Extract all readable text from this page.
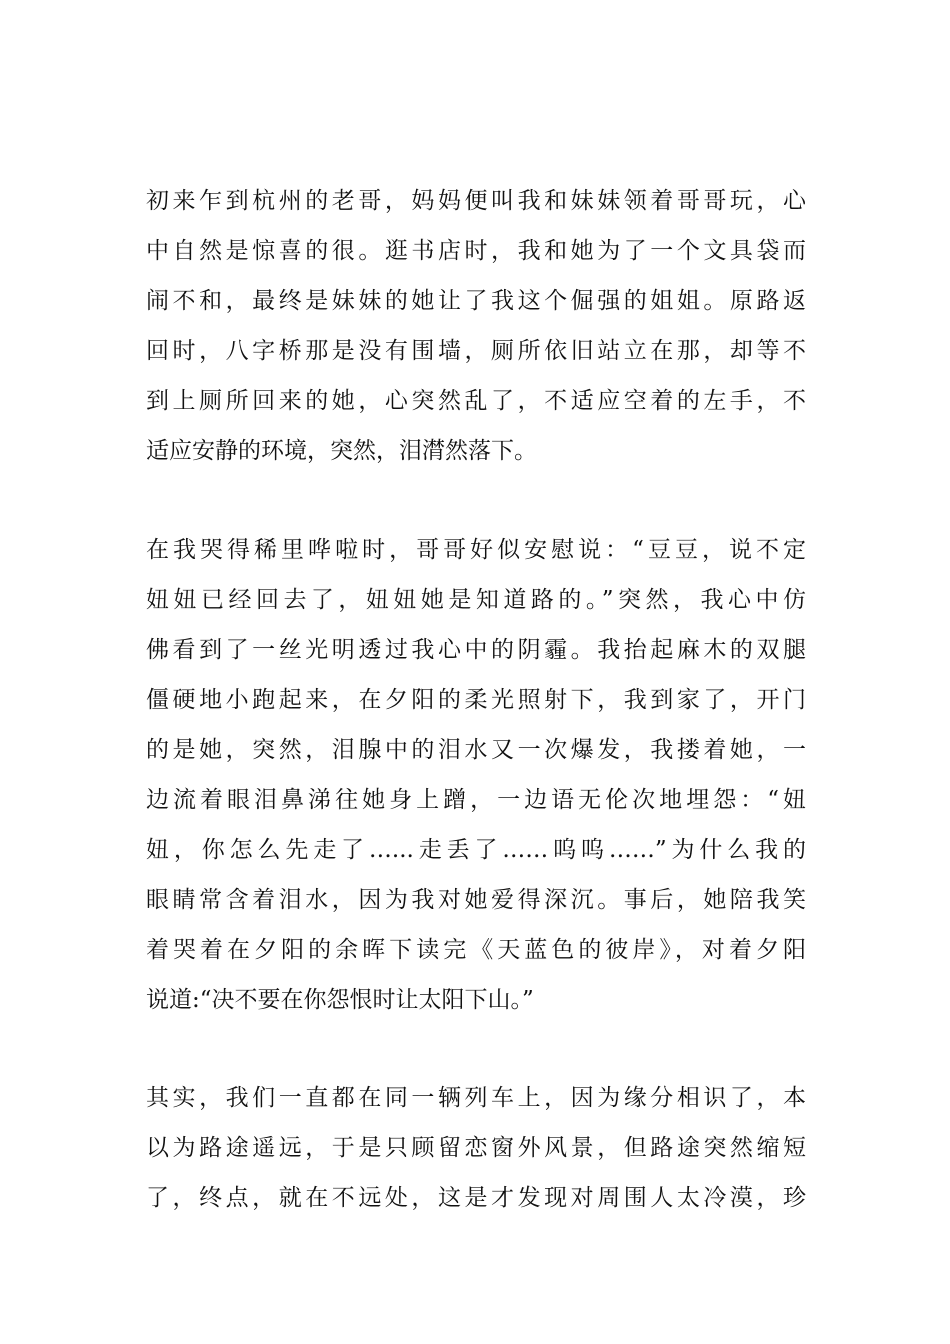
初来乍到杭州的老哥，妈妈便叫我和妹妹领着哥哥玩，心
中自然是惊喜的很。逛书店时，我和她为了一个文具袋而
闹不和，最终是妹妹的她让了我这个倔强的姐姐。原路返
回时，八字桥那是没有围墙，厕所依旧站立在那，却等不
到上厕所回来的她，心突然乱了，不适应空着的左手，不
适应安静的环境，突然，泪潸然落下。
在我哭得稀里哗啦时，哥哥好似安慰说：“豆豆，说不定
妞妞已经回去了，妞妞她是知道路的。”突然，我心中仿
佛看到了一丝光明透过我心中的阴霾。我抬起麻木的双腿
僵硬地小跑起来，在夕阳的柔光照射下，我到家了，开门
的是她，突然，泪腺中的泪水又一次爆发，我搂着她，一
边流着眼泪鼻涕往她身上蹭，一边语无伦次地埋怨：“妞
妞，你怎么先走了…...走丢了……呜呜……”为什么我的
眼睛常含着泪水，因为我对她爱得深沉。事后，她陪我笑
着哭着在夕阳的余晖下读完《天蓝色的彼岸》，对着夕阳
说道:“决不要在你怨恨时让太阳下山。”
其实，我们一直都在同一辆列车上，因为缘分相识了，本
以为路途遥远，于是只顾留恋窗外风景，但路途突然缩短
了，终点，就在不远处，这是才发现对周围人太冷漠，珍
